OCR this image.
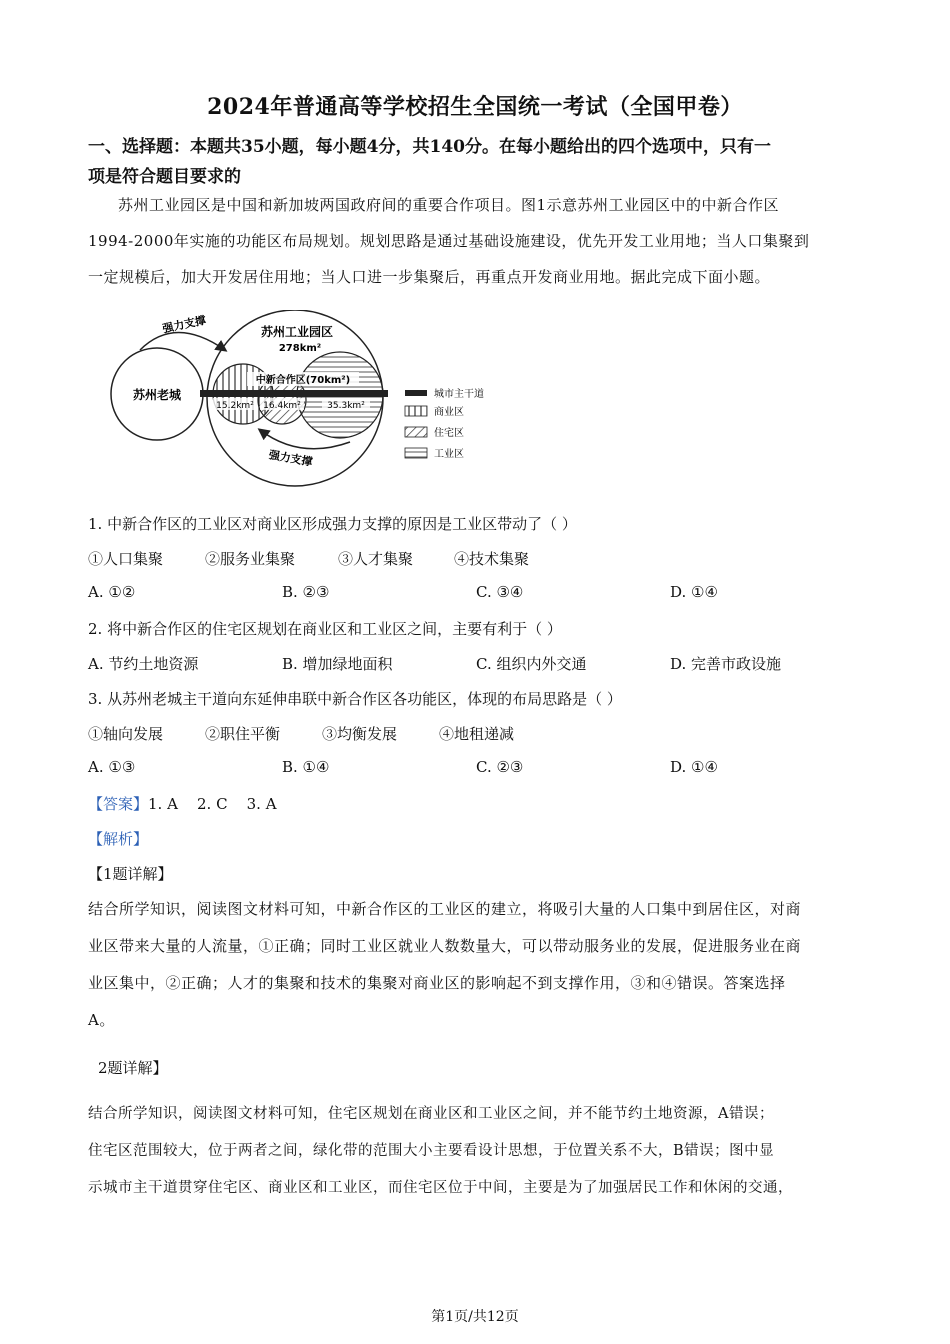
2024年普通高等学校招生全国统一考试（全国甲卷）
一、选择题：本题共35小题，每小题4分，共140分。在每小题给出的四个选项中，只有一
项是符合题目要求的
苏州工业园区是中国和新加坡两国政府间的重要合作项目。图1示意苏州工业园区中的中新合作区
1994-2000年实施的功能区布局规划。规划思路是通过基础设施建设，优先开发工业用地；当人口集聚到
一定规模后，加大开发居住用地；当人口进一步集聚后，再重点开发商业用地。据此完成下面小题。
苏州老城
苏州工业园区
278km²
中新合作区(70km²)
15.2km² 16.4km²	35.3km²
强力支撑
强力支撑
城市主干道
商业区
住宅区
工业区
1. 中新合作区的工业区对商业区形成强力支撑的原因是工业区带动了（ ）
①人口集聚	②服务业集聚	③人才集聚	④技术集聚
A. ①②	B. ②③	C. ③④	D. ①④
2. 将中新合作区的住宅区规划在商业区和工业区之间，主要有利于（ ）
A. 节约土地资源	B. 增加绿地面积	C. 组织内外交通	D. 完善市政设施
3. 从苏州老城主干道向东延伸串联中新合作区各功能区，体现的布局思路是（ ）
①轴向发展	②职住平衡	③均衡发展	④地租递减
A. ①③	B. ①④	C. ②③	D. ①④
【答案】1. A    2. C    3. A
【解析】
【1题详解】
结合所学知识，阅读图文材料可知，中新合作区的工业区的建立，将吸引大量的人口集中到居住区，对商
业区带来大量的人流量，①正确；同时工业区就业人数数量大，可以带动服务业的发展，促进服务业在商
业区集中，②正确；人才的集聚和技术的集聚对商业区的影响起不到支撑作用，③和④错误。答案选择
A。
2题详解】
结合所学知识，阅读图文材料可知，住宅区规划在商业区和工业区之间，并不能节约土地资源，A错误；
住宅区范围较大，位于两者之间，绿化带的范围大小主要看设计思想，于位置关系不大，B错误；图中显
示城市主干道贯穿住宅区、商业区和工业区，而住宅区位于中间，主要是为了加强居民工作和休闲的交通，
第1页/共12页
